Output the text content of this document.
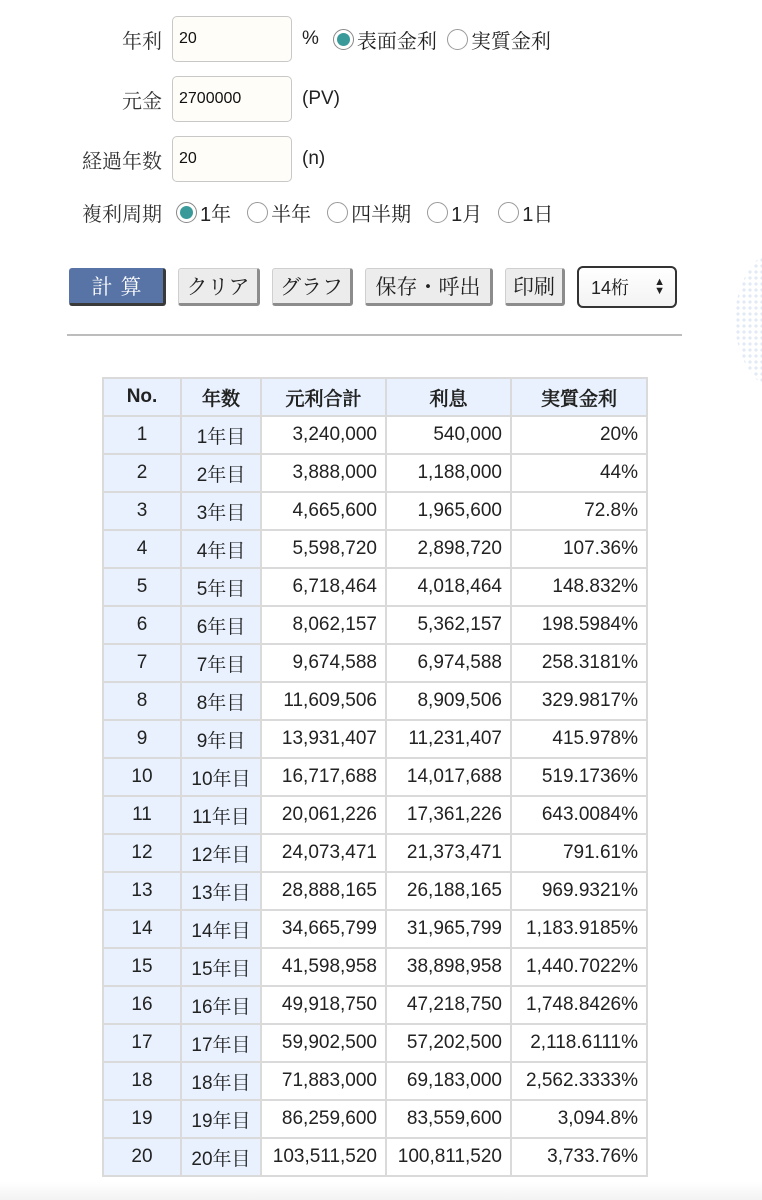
年利
20	% 表面金利 実質金利
元金
2700000	(PV)
経過年数
20	(n)
複利周期	1年 半年 四半期 1月 1日
計算	クリア	グラフ	保存・呼出	印刷	14桁 ▲
▼
No.	年数	元利合計	利息	実質金利
1	1年目	3,240,000	540,000	20%
2	2年目	3,888,000	1,188,000	44%
3	3年目	4,665,600	1,965,600	72.8%
4	4年目	5,598,720	2,898,720	107.36%
5	5年目	6,718,464	4,018,464	148.832%
6	6年目	8,062,157	5,362,157	198.5984%
7	7年目	9,674,588	6,974,588	258.3181%
8	8年目	11,609,506	8,909,506	329.9817%
9	9年目	13,931,407	11,231,407	415.978%
10	10年目	16,717,688	14,017,688	519.1736%
11	11年目	20,061,226	17,361,226	643.0084%
12	12年目	24,073,471	21,373,471	791.61%
13	13年目	28,888,165	26,188,165	969.9321%
14	14年目	34,665,799	31,965,799	1,183.9185%
15	15年目	41,598,958	38,898,958	1,440.7022%
16	16年目	49,918,750	47,218,750	1,748.8426%
17	17年目	59,902,500	57,202,500	2,118.6111%
18	18年目	71,883,000	69,183,000	2,562.3333%
19	19年目	86,259,600	83,559,600	3,094.8%
20	20年目	103,511,520	100,811,520	3,733.76%
